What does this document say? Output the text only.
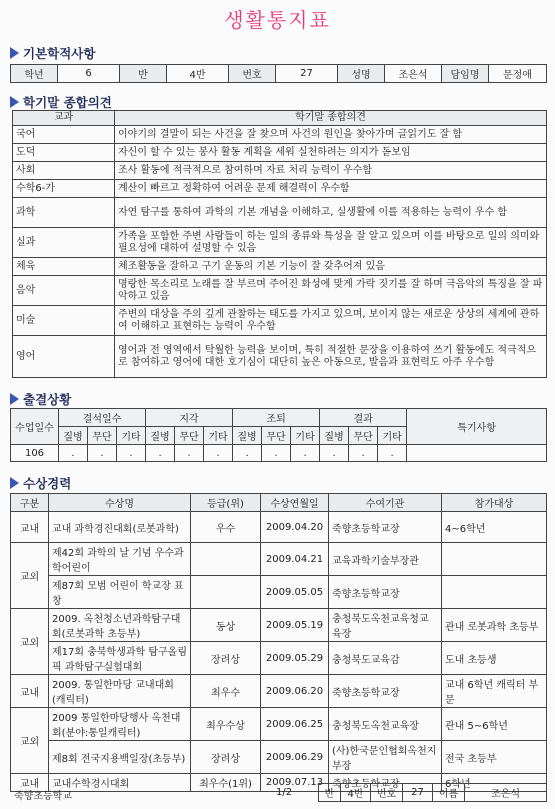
생활통지표
기본학적사항
학년	6	반	4반	번호	27	성명	조은석	담임명	문정애
학기말 종합의견
교과	학기말 종합의견
국어	이야기의 결말이 되는 사건을 잘 찾으며 사건의 원인을 찾아가며 글읽기도 잘 함
도덕	자신이 할 수 있는 봉사 활동 계획을 세워 실천하려는 의지가 돋보임
사회	조사 활동에 적극적으로 참여하며 자료 처리 능력이 우수함
수학6-가	계산이 빠르고 정확하여 어려운 문제 해결력이 우수함
과학	자연 탐구를 통하여 과학의 기본 개념을 이해하고, 실생활에 이를 적용하는 능력이 우수 함
실과	가족을 포함한 주변 사람들이 하는 일의 종류와 특성을 잘 알고 있으며 이를 바탕으로 일의 의미와 필요성에 대하여 설명할 수 있음
체육	체조활동을 잘하고 구기 운동의 기본 기능이 잘 갖추어져 있음
음악	명랑한 목소리로 노래를 잘 부르며 주어진 화성에 맞게 가락 짓기를 잘 하며 극음악의 특징을 잘 파악하고 있음
미술	주변의 대상을 주의 깊게 관찰하는 태도를 가지고 있으며, 보이지 않는 새로운 상상의 세계에 관하여 이해하고 표현하는 능력이 우수함
영어	영어과 전 영역에서 탁월한 능력을 보이며, 특히 적절한 문장을 이용하여 쓰기 활동에도 적극적으로 참여하고 영어에 대한 호기심이 대단히 높은 아동으로, 발음과 표현력도 아주 우수함
출결상황
수업일수	결석일수			지각			조퇴			결과			특기사항
	질병	무단	기타	질병	무단	기타	질병	무단	기타	질병	무단	기타	
106	.	.	.	.	.	.	.	.	.	.	.	.	
수상경력
구분	수상명	등급(위)	수상연월일	수여기관	참가대상
교내	교내 과학경진대회(로봇과학)	우수	2009.04.20	죽향초등학교장	4~6학년
교외	제42회 과학의 날 기념 우수과학어린이		2009.04.21	교육과학기술부장관	
	제87회 모범 어린이 학교장 표창		2009.05.05	죽향초등학교장	
교외	2009. 옥천청소년과학탐구대회(로봇과학 초등부)	동상	2009.05.19	충청북도옥천교육청교육장	관내 로봇과학 초등부
	제17회 충북학생과학 탐구올림픽 과학탐구실험대회	장려상	2009.05.29	충청북도교육감	도내 초등생
교내	2009. 통일한마당 교내대회(캐릭터)	최우수	2009.06.20	죽향초등학교장	교내 6학년 캐릭터 부문
교외	2009 통일한마당행사 옥천대회(분야:통일캐릭터)	최우수상	2009.06.25	충청북도옥천교육장	관내 5~6학년
	제8회 전국지용백일장(초등부)	장려상	2009.06.29	(사)한국문인협회옥천지부장	전국 초등부
교내	교내수학경시대회	최우수(1위)	2009.07.13	죽향초등학교장	6학년
죽향초등학교	1/2	반	4반	번호	27	이름	조은석
